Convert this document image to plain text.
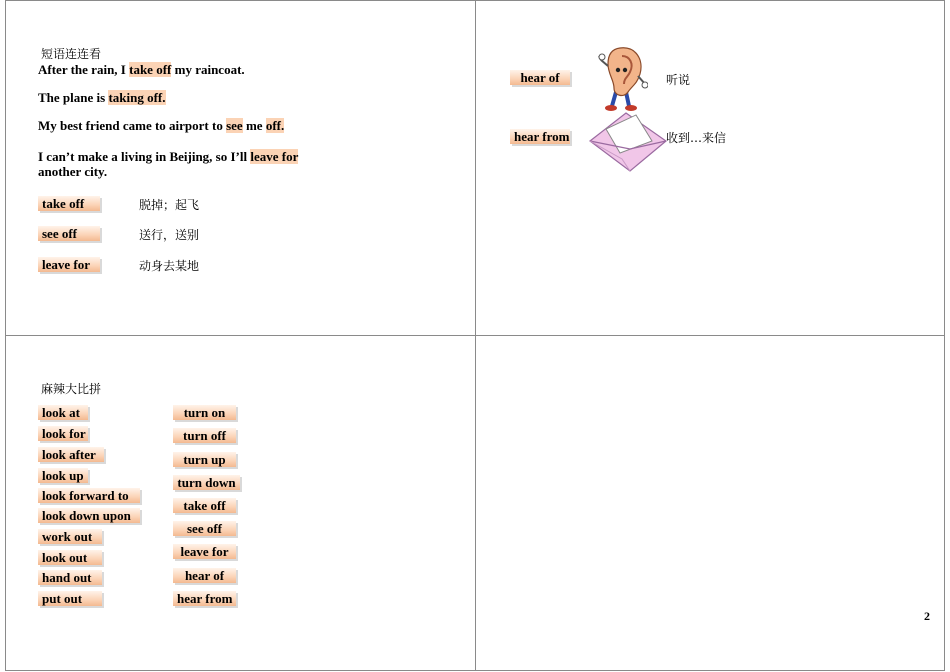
短语连连看
After the rain, I take off my raincoat.
The plane is taking off.
My best friend came to airport to see me off.
I can’t make a living in Beijing, so I’ll leave for another city.
take off	脱掉；起飞
see off	送行，送别
leave for	动身去某地
hear of	听说
hear from	收到…来信
麻辣大比拼
look at
look for
look after
look up
look forward to
look down upon
work out
look out
hand out
put out
turn on
turn off
turn up
turn down
take off
see off
leave for
hear of
hear from
2
